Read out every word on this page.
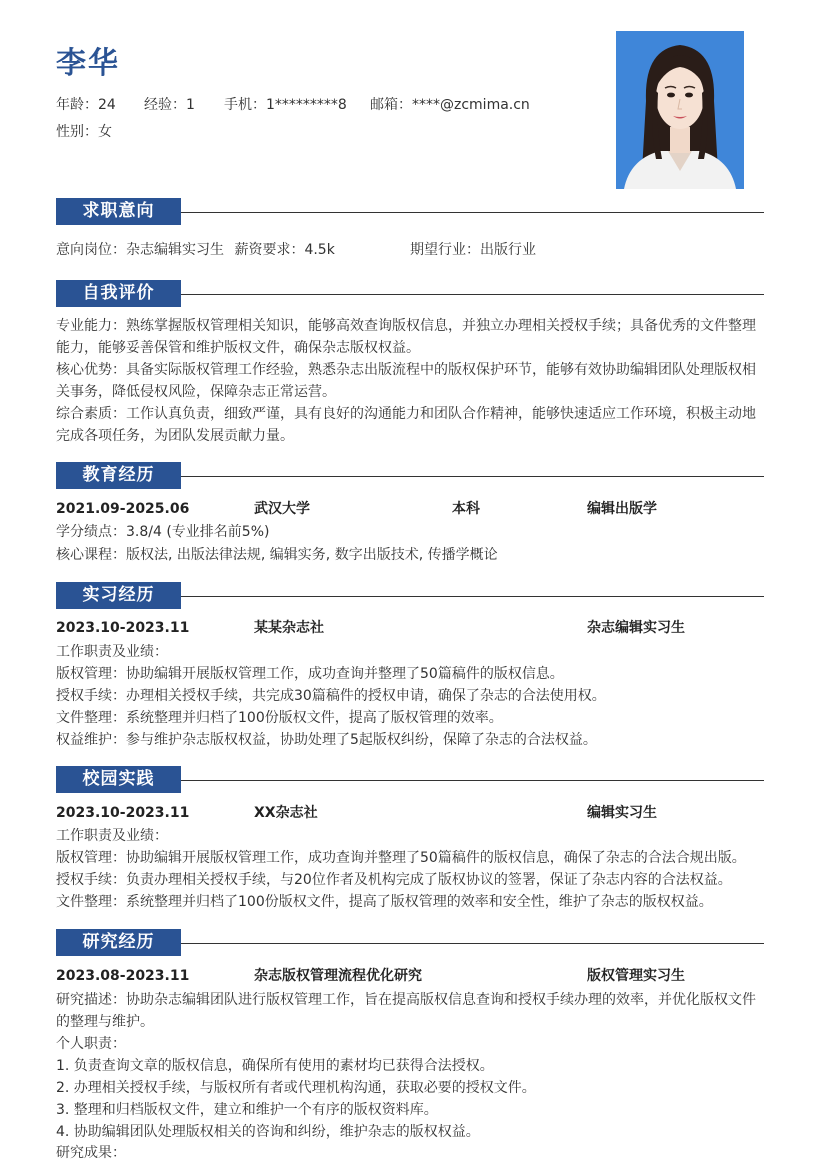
李华
年龄：24 经验：1 手机：1*********8 邮箱：****@zcmima.cn
性别：女
求职意向
意向岗位：杂志编辑实习生 薪资要求：4.5k	期望行业：出版行业
自我评价
专业能力：熟练掌握版权管理相关知识，能够高效查询版权信息，并独立办理相关授权手续；具备优秀的文件整理能力，能够妥善保管和维护版权文件，确保杂志版权权益。
核心优势：具备实际版权管理工作经验，熟悉杂志出版流程中的版权保护环节，能够有效协助编辑团队处理版权相关事务，降低侵权风险，保障杂志正常运营。
综合素质：工作认真负责，细致严谨，具有良好的沟通能力和团队合作精神，能够快速适应工作环境，积极主动地完成各项任务，为团队发展贡献力量。
教育经历
2021.09-2025.06	武汉大学	本科	编辑出版学
学分绩点：3.8/4 (专业排名前5%)
核心课程：版权法, 出版法律法规, 编辑实务, 数字出版技术, 传播学概论
实习经历
2023.10-2023.11	某某杂志社	杂志编辑实习生
工作职责及业绩：
版权管理：协助编辑开展版权管理工作，成功查询并整理了50篇稿件的版权信息。
授权手续：办理相关授权手续，共完成30篇稿件的授权申请，确保了杂志的合法使用权。
文件整理：系统整理并归档了100份版权文件，提高了版权管理的效率。
权益维护：参与维护杂志版权权益，协助处理了5起版权纠纷，保障了杂志的合法权益。
校园实践
2023.10-2023.11	XX杂志社	编辑实习生
工作职责及业绩：
版权管理：协助编辑开展版权管理工作，成功查询并整理了50篇稿件的版权信息，确保了杂志的合法合规出版。
授权手续：负责办理相关授权手续，与20位作者及机构完成了版权协议的签署，保证了杂志内容的合法权益。
文件整理：系统整理并归档了100份版权文件，提高了版权管理的效率和安全性，维护了杂志的版权权益。
研究经历
2023.08-2023.11	杂志版权管理流程优化研究	版权管理实习生
研究描述：协助杂志编辑团队进行版权管理工作，旨在提高版权信息查询和授权手续办理的效率，并优化版权文件的整理与维护。
个人职责：
1. 负责查询文章的版权信息，确保所有使用的素材均已获得合法授权。
2. 办理相关授权手续，与版权所有者或代理机构沟通，获取必要的授权文件。
3. 整理和归档版权文件，建立和维护一个有序的版权资料库。
4. 协助编辑团队处理版权相关的咨询和纠纷，维护杂志的版权权益。
研究成果：
